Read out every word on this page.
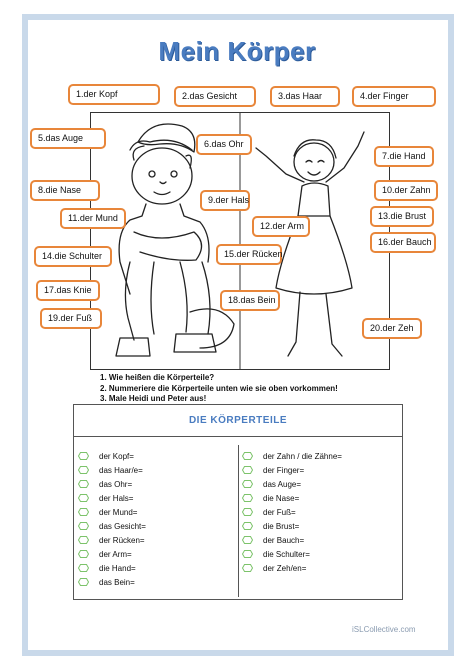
Mein Körper
1.der Kopf	2.das Gesicht	3.das Haar	4.der Finger
5.das Auge
6.das Ohr
7.die Hand
8.die Nase
9.der Hals
10.der Zahn
11.der Mund
12.der Arm
13.die Brust
14.die Schulter	15.der Rücken
16.der Bauch
17.das Knie
18.das Bein
19.der Fuß
20.der Zeh
1. Wie heißen die Körperteile?
2. Nummeriere die Körperteile unten wie sie oben vorkommen!
3. Male Heidi und Peter aus!
DIE KÖRPERTEILE
der Kopf=
das Haar/e=
das Ohr=
der Hals=
der Mund=
das Gesicht=
der Rücken=
der Arm=
die Hand=
das Bein=
der Zahn / die Zähne=
der Finger=
das Auge=
die Nase=
der Fuß=
die Brust=
der Bauch=
die Schulter=
der Zeh/en=
iSLCollective.com
